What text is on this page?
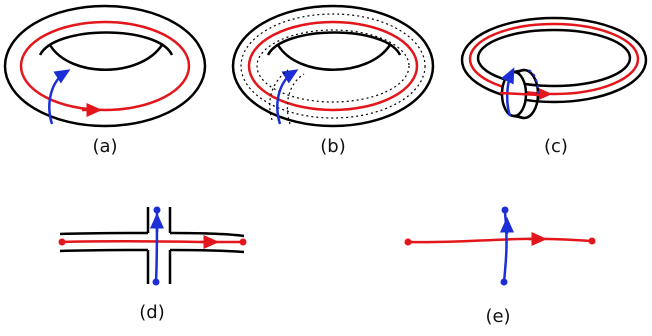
(a)	(b)	(c)
(d)	(e)
